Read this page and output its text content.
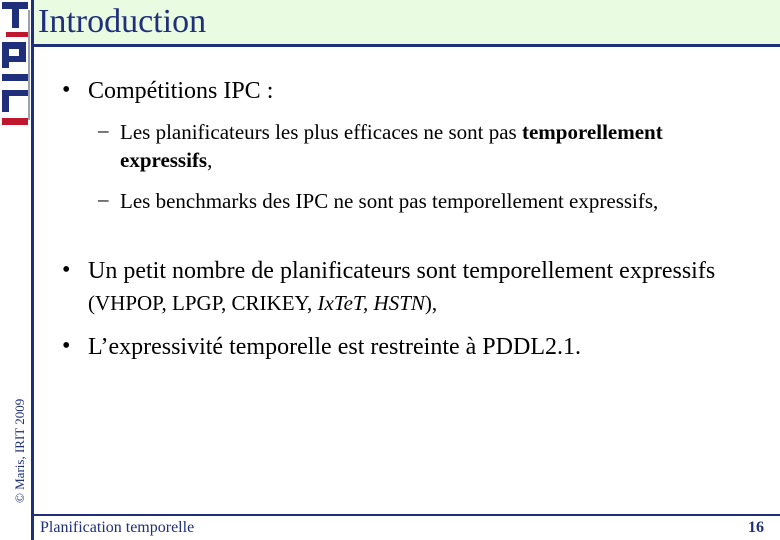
© Maris, IRIT 2009
Introduction
• Compétitions IPC :
– Les planificateurs les plus efficaces ne sont pas temporellement expressifs,
– Les benchmarks des IPC ne sont pas temporellement expressifs,
• Un petit nombre de planificateurs sont temporellement expressifs (VHPOP, LPGP, CRIKEY, IxTeT, HSTN),
• L’expressivité temporelle est restreinte à PDDL2.1.
Planification temporelle	16
